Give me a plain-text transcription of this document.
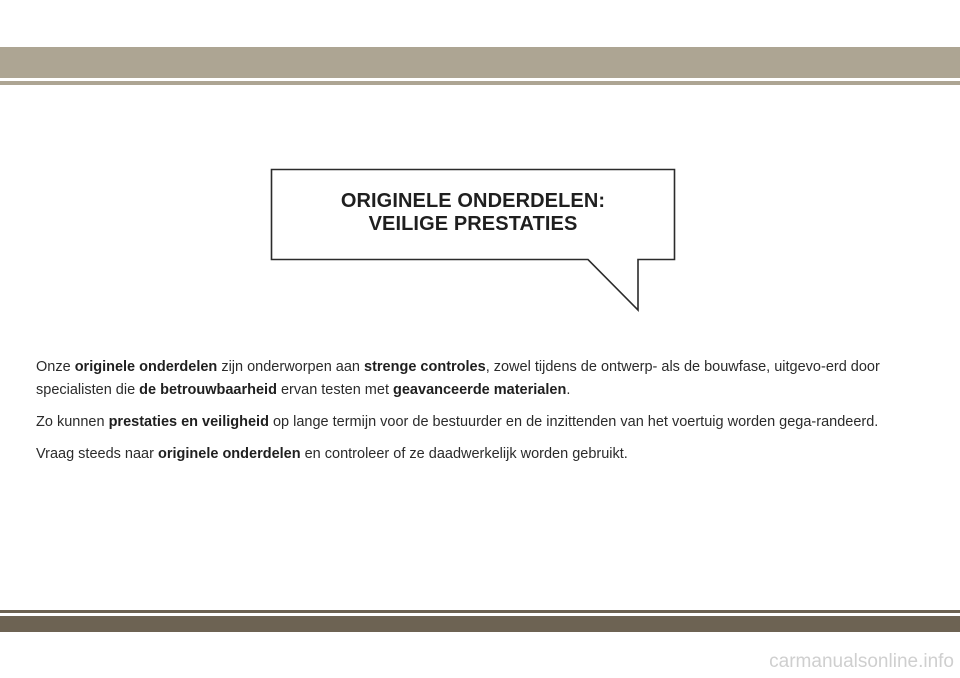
ORIGINELE ONDERDELEN:
VEILIGE PRESTATIES

Onze originele onderdelen zijn onderworpen aan strenge controles, zowel tijdens de ontwerp- als de bouwfase, uitgevo-erd door specialisten die de betrouwbaarheid ervan testen met geavanceerde materialen.

Zo kunnen prestaties en veiligheid op lange termijn voor de bestuurder en de inzittenden van het voertuig worden gega-randeerd.

Vraag steeds naar originele onderdelen en controleer of ze daadwerkelijk worden gebruikt.

carmanualsonline.info
